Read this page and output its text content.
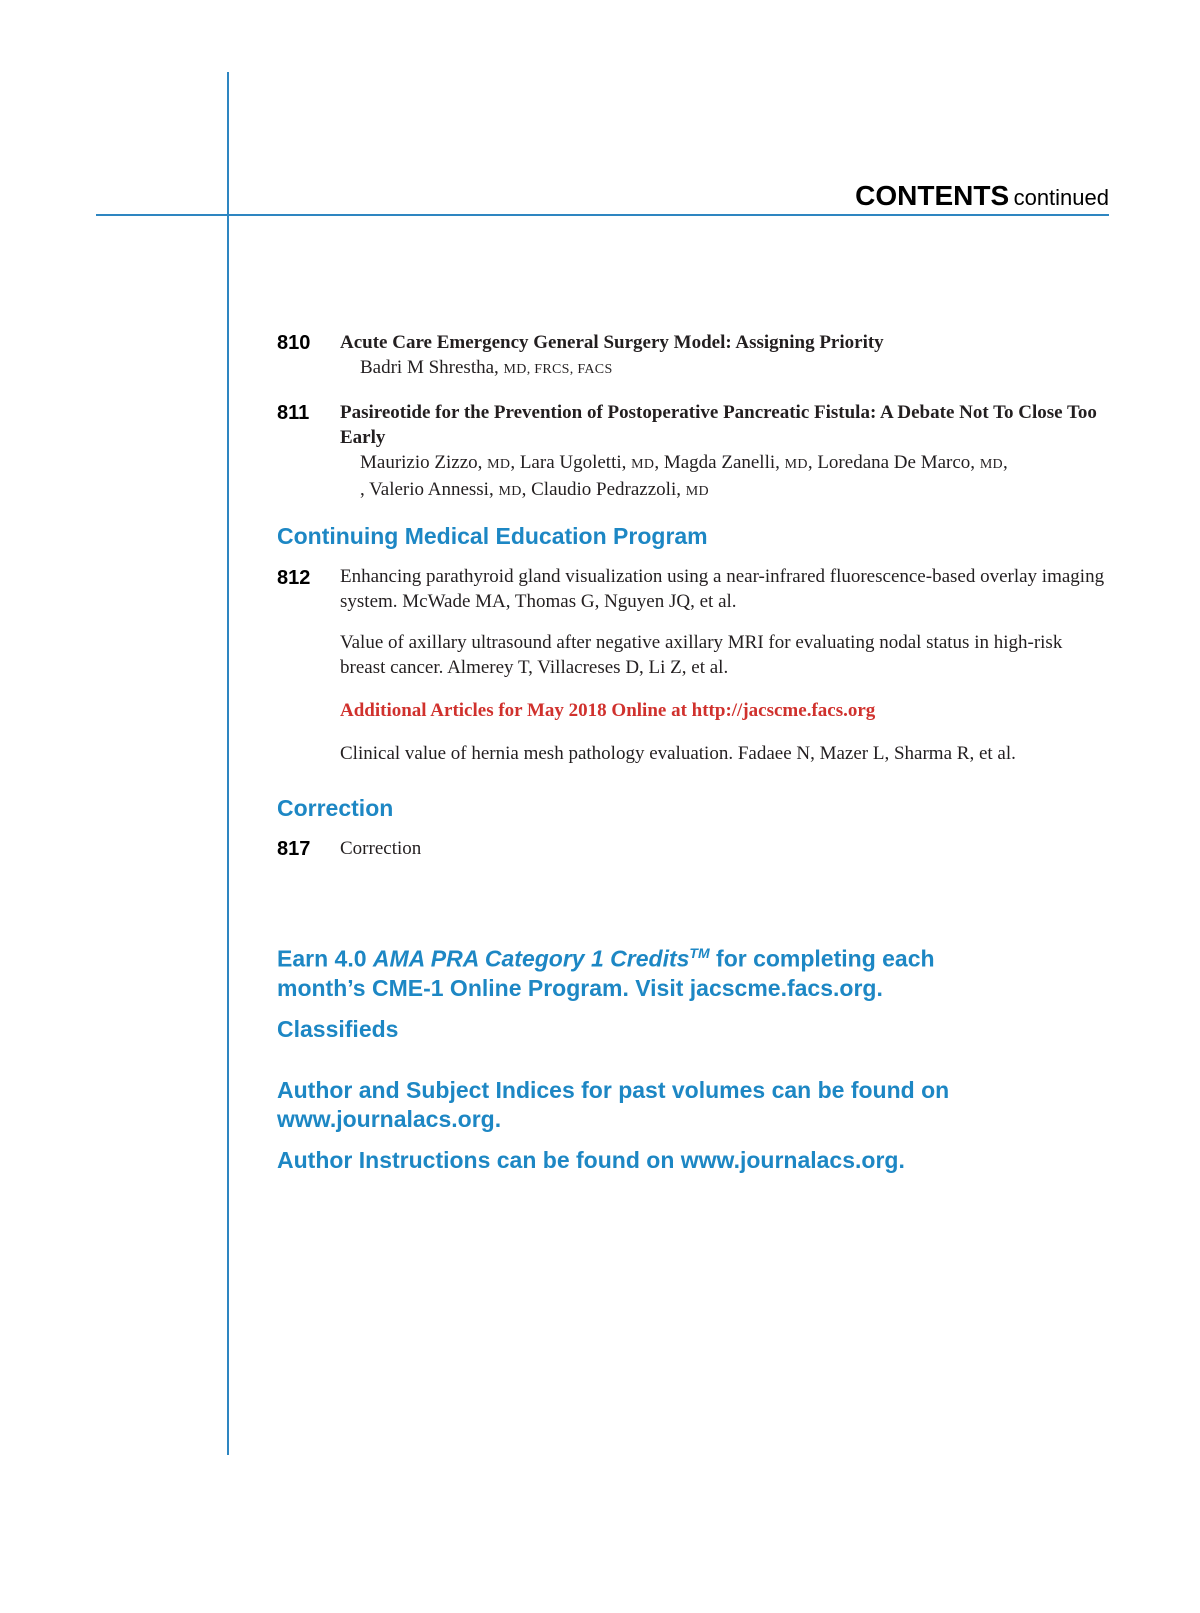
CONTENTS continued
810 Acute Care Emergency General Surgery Model: Assigning Priority
Badri M Shrestha, MD, FRCS, FACS
811 Pasireotide for the Prevention of Postoperative Pancreatic Fistula: A Debate Not To Close Too Early
Maurizio Zizzo, MD, Lara Ugoletti, MD, Magda Zanelli, MD, Loredana De Marco, MD,
, Valerio Annessi, MD, Claudio Pedrazzoli, MD
Continuing Medical Education Program
812 Enhancing parathyroid gland visualization using a near-infrared fluorescence-based overlay imaging system. McWade MA, Thomas G, Nguyen JQ, et al.
Value of axillary ultrasound after negative axillary MRI for evaluating nodal status in high-risk breast cancer. Almerey T, Villacreses D, Li Z, et al.
Additional Articles for May 2018 Online at http://jacscme.facs.org
Clinical value of hernia mesh pathology evaluation. Fadaee N, Mazer L, Sharma R, et al.
Correction
817 Correction
Earn 4.0 AMA PRA Category 1 Credits™ for completing each
month’s CME-1 Online Program. Visit jacscme.facs.org.
Classifieds
Author and Subject Indices for past volumes can be found on www.journalacs.org.
Author Instructions can be found on www.journalacs.org.
